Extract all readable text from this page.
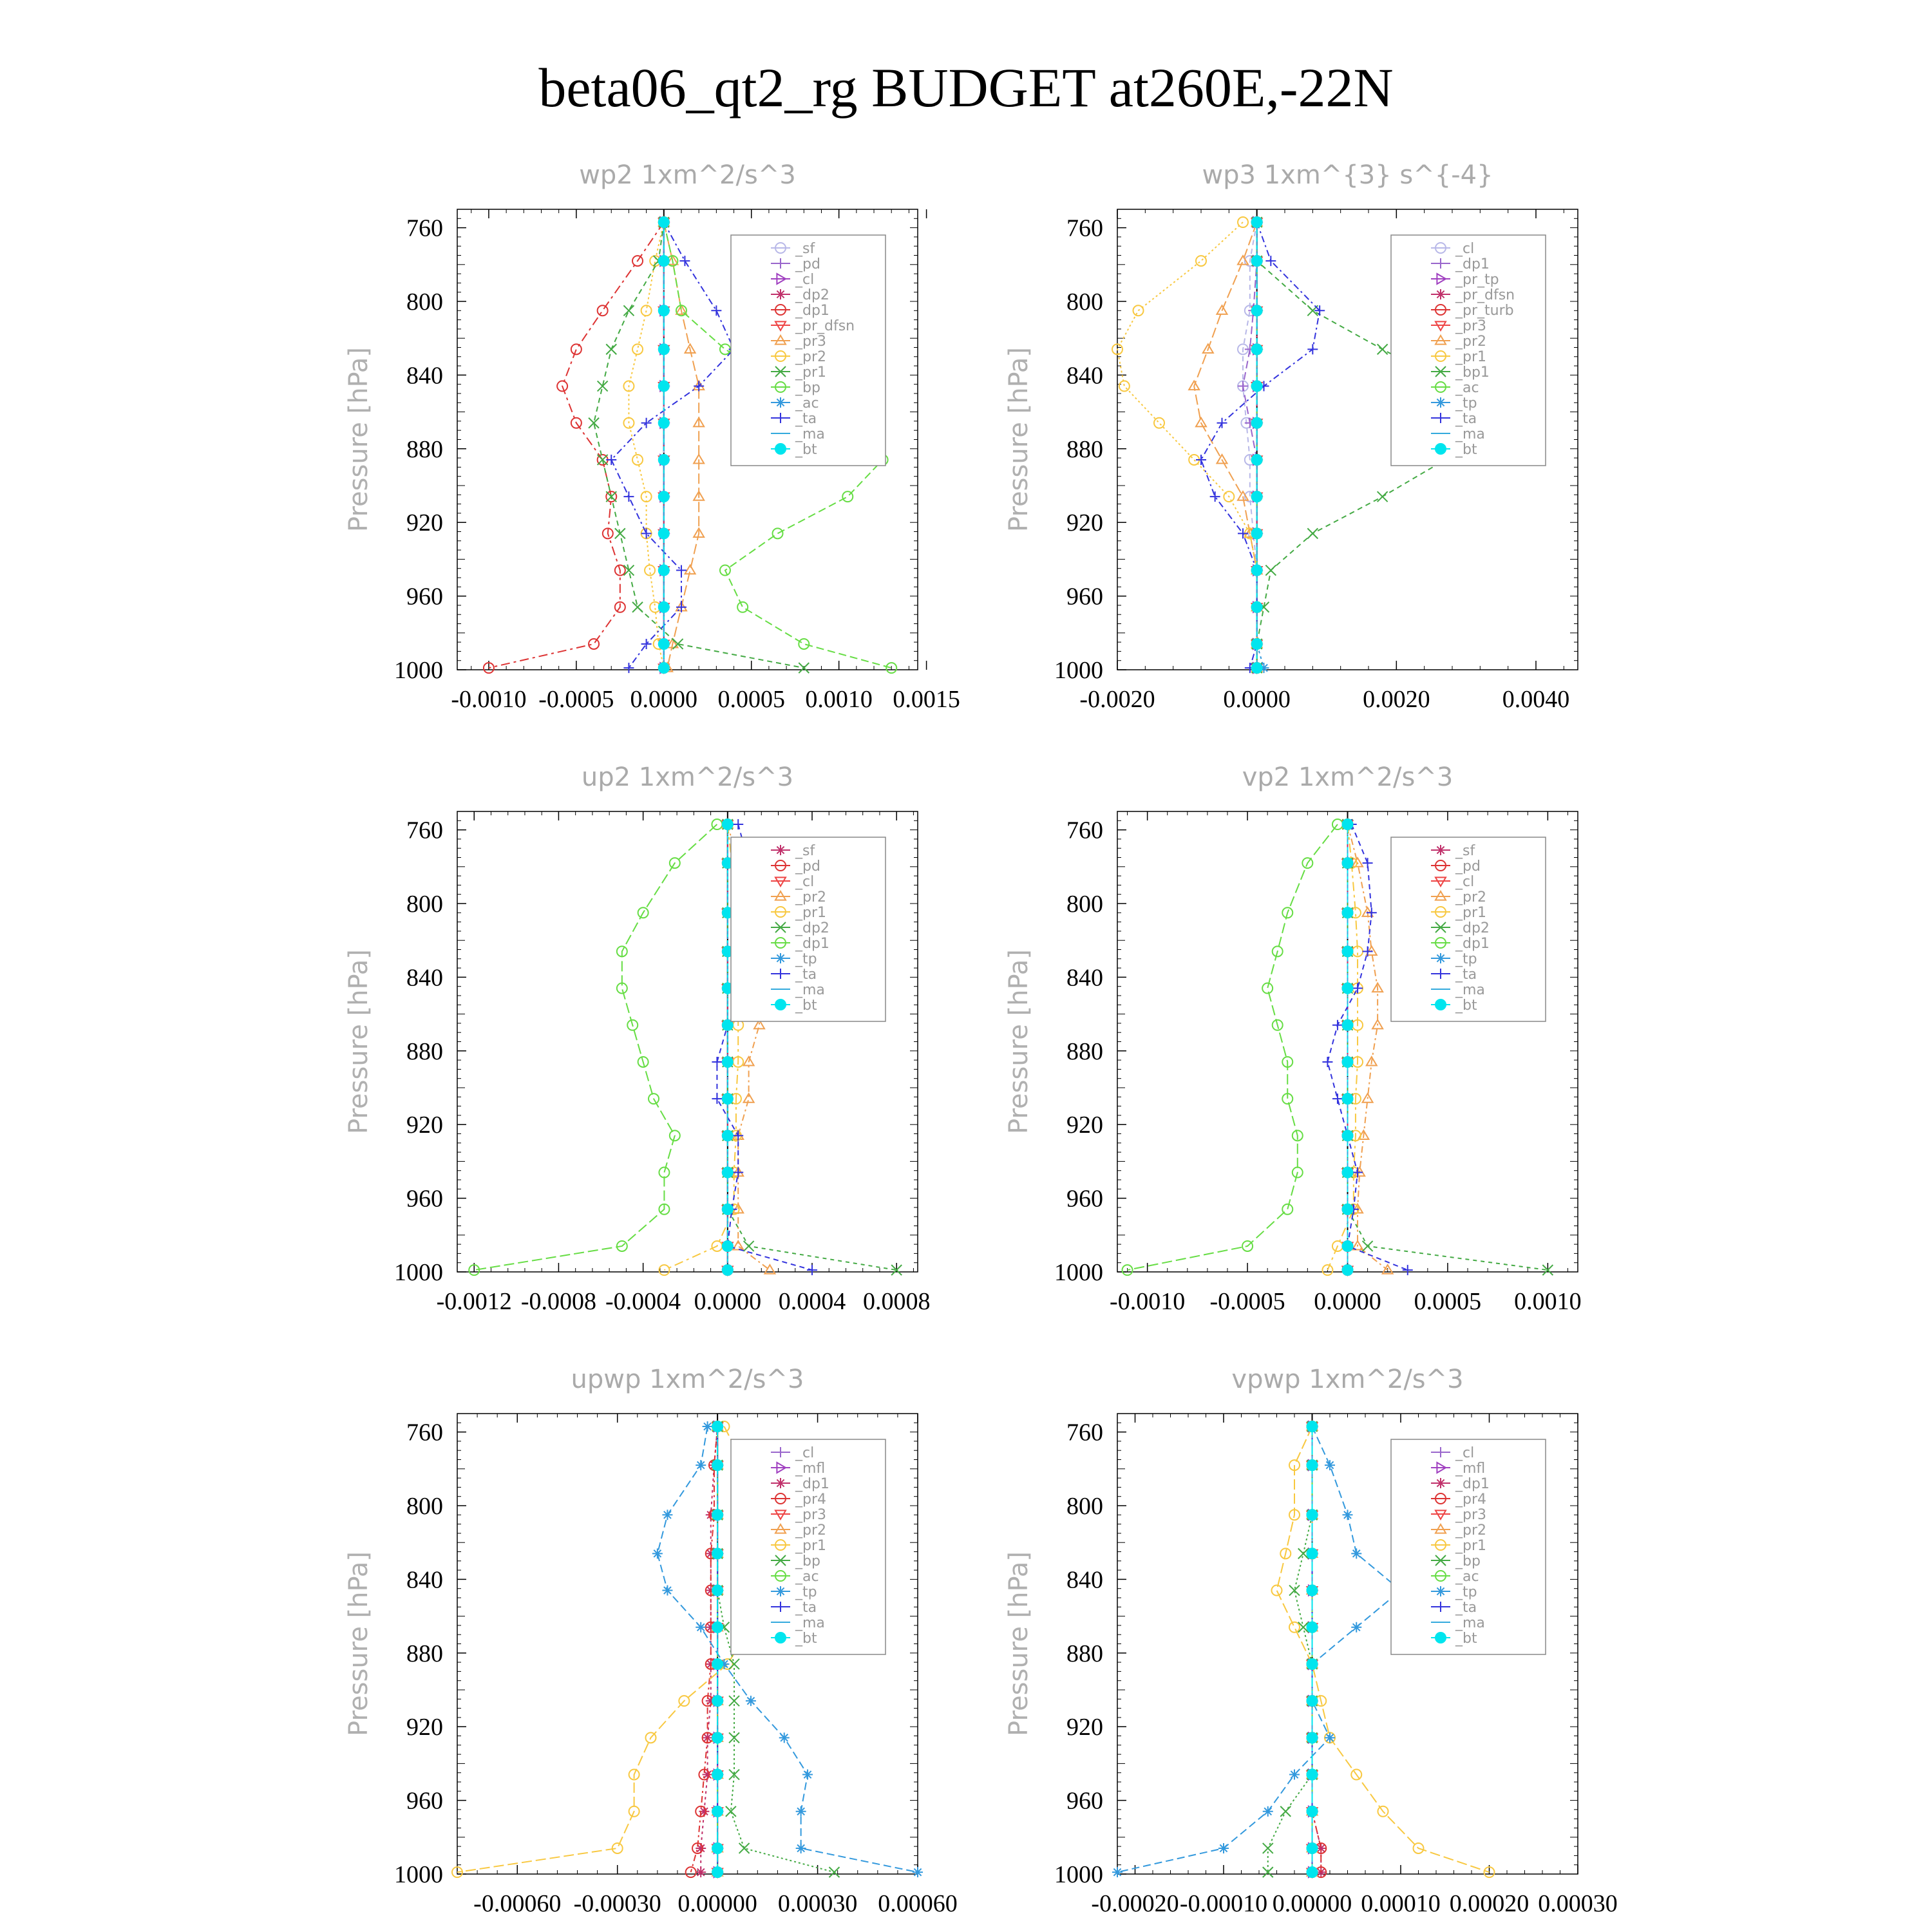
beta06_qt2_rg BUDGET at260E,-22N
wp2 1xm^2/s^3
Pressure [hPa]
760
800
840
880
920
960
1000
-0.0010 -0.0005 0.0000 0.0005 0.0010 0.0015
_sf
_pd
_cl
_dp2
_dp1
_pr_dfsn
_pr3
_pr2
_pr1
_bp
_ac
_ta
_ma
_bt
wp3 1xm^{3} s^{-4}
Pressure [hPa]
760
800
840
880
920
960
1000
-0.0020	0.0000	0.0020	0.0040
_cl
_dp1
_pr_tp
_pr_dfsn
_pr_turb
_pr3
_pr2
_pr1
_bp1
_ac
_tp
_ta
_ma
_bt
up2 1xm^2/s^3
Pressure [hPa]
760
800
840
880
920
960
1000
-0.0012 -0.0008 -0.0004 0.0000 0.0004 0.0008
_sf
_pd
_cl
_pr2
_pr1
_dp2
_dp1
_tp
_ta
_ma
_bt
vp2 1xm^2/s^3
Pressure [hPa]
760
800
840
880
920
960
1000
-0.0010 -0.0005 0.0000 0.0005 0.0010
_sf
_pd
_cl
_pr2
_pr1
_dp2
_dp1
_tp
_ta
_ma
_bt
upwp 1xm^2/s^3
Pressure [hPa]
760
800
840
880
920
960
1000
-0.00060 -0.00030 0.00000 0.00030 0.00060
_cl
_mfl
_dp1
_pr4
_pr3
_pr2
_pr1
_bp
_ac
_tp
_ta
_ma
_bt
vpwp 1xm^2/s^3
Pressure [hPa]
760
800
840
880
920
960
1000
-0.00020 -0.00010 0.00000 0.00010 0.00020 0.00030
_cl
_mfl
_dp1
_pr4
_pr3
_pr2
_pr1
_bp
_ac
_tp
_ta
_ma
_bt
